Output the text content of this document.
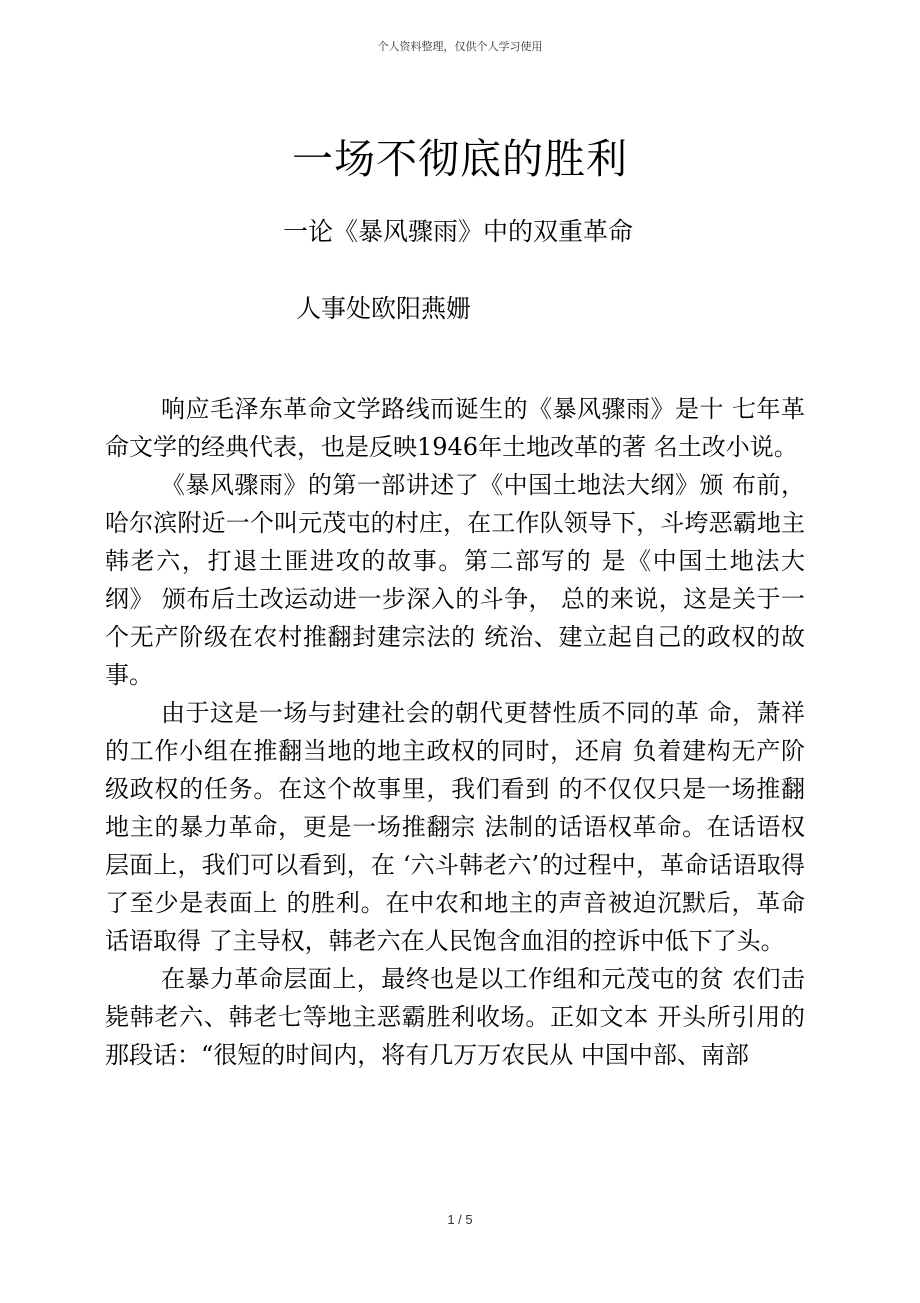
个人资料整理，仅供个人学习使用
一场不彻底的胜利
一论《暴风骤雨》中的双重革命
人事处欧阳燕姗

响应毛泽东革命文学路线而诞生的《暴风骤雨》是十 七年革命文学的经典代表，也是反映1946年土地改革的著 名土改小说。

《暴风骤雨》的第一部讲述了《中国土地法大纲》颁 布前，哈尔滨附近一个叫元茂屯的村庄，在工作队领导下，斗垮恶霸地主韩老六，打退土匪进攻的故事。第二部写的 是《中国土地法大纲》 颁布后土改运动进一步深入的斗争， 总的来说，这是关于一个无产阶级在农村推翻封建宗法的 统治、建立起自己的政权的故事。

由于这是一场与封建社会的朝代更替性质不同的革 命，萧祥的工作小组在推翻当地的地主政权的同时，还肩 负着建构无产阶级政权的任务。在这个故事里，我们看到 的不仅仅只是一场推翻地主的暴力革命，更是一场推翻宗 法制的话语权革命。在话语权层面上，我们可以看到，在 ‘六斗韩老六’的过程中，革命话语取得了至少是表面上 的胜利。在中农和地主的声音被迫沉默后，革命话语取得 了主导权，韩老六在人民饱含血泪的控诉中低下了头。

在暴力革命层面上，最终也是以工作组和元茂屯的贫 农们击毙韩老六、韩老七等地主恶霸胜利收场。正如文本 开头所引用的那段话：“很短的时间内，将有几万万农民从 中国中部、南部

1 / 5
